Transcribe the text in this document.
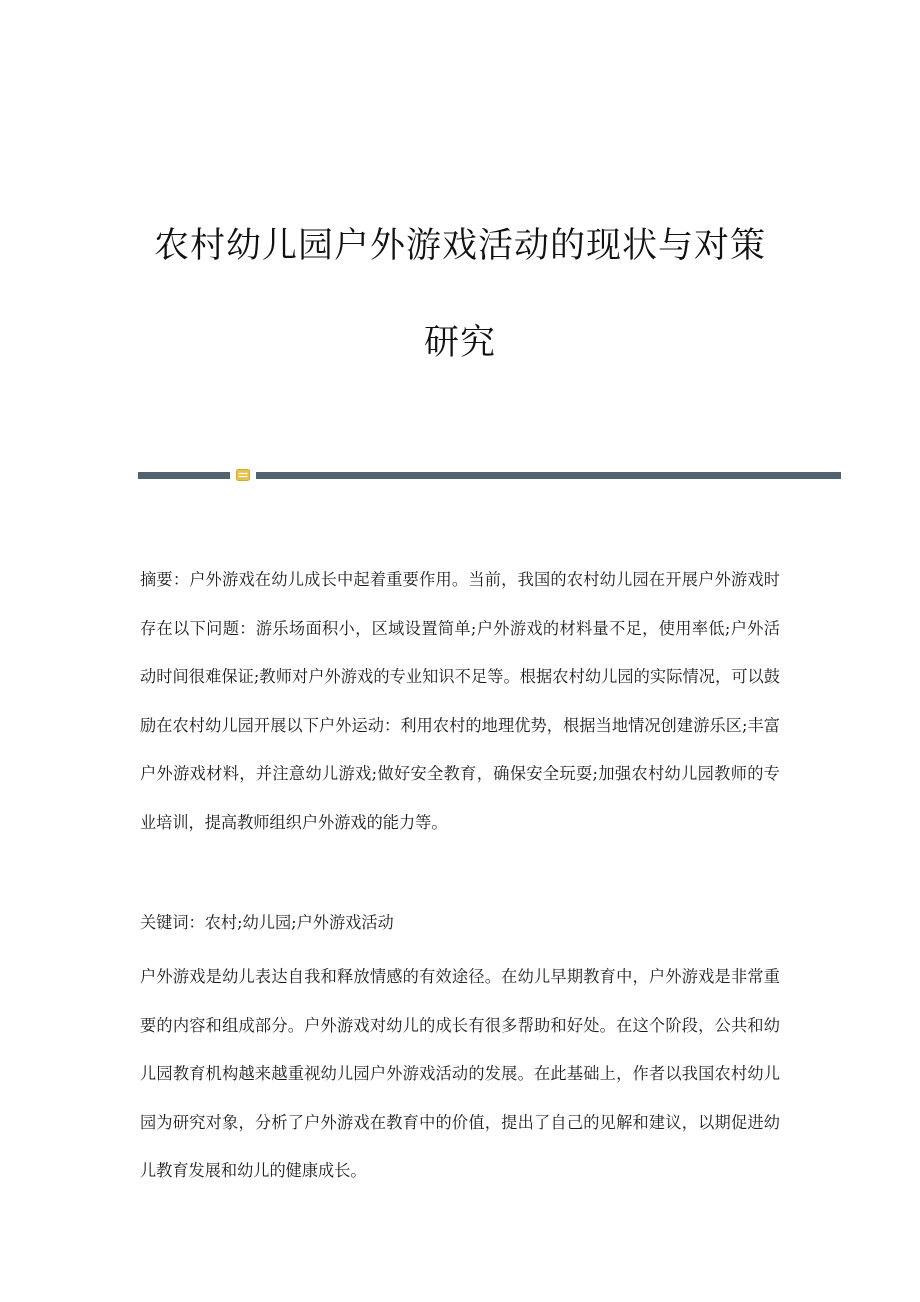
农村幼儿园户外游戏活动的现状与对策
研究

摘要：户外游戏在幼儿成长中起着重要作用。当前，我国的农村幼儿园在开展户外游戏时存在以下问题：游乐场面积小，区域设置简单;户外游戏的材料量不足，使用率低;户外活动时间很难保证;教师对户外游戏的专业知识不足等。根据农村幼儿园的实际情况，可以鼓励在农村幼儿园开展以下户外运动：利用农村的地理优势，根据当地情况创建游乐区;丰富户外游戏材料，并注意幼儿游戏;做好安全教育，确保安全玩耍;加强农村幼儿园教师的专业培训，提高教师组织户外游戏的能力等。

关键词：农村;幼儿园;户外游戏活动

户外游戏是幼儿表达自我和释放情感的有效途径。在幼儿早期教育中，户外游戏是非常重要的内容和组成部分。户外游戏对幼儿的成长有很多帮助和好处。在这个阶段，公共和幼儿园教育机构越来越重视幼儿园户外游戏活动的发展。在此基础上，作者以我国农村幼儿园为研究对象，分析了户外游戏在教育中的价值，提出了自己的见解和建议，以期促进幼儿教育发展和幼儿的健康成长。
